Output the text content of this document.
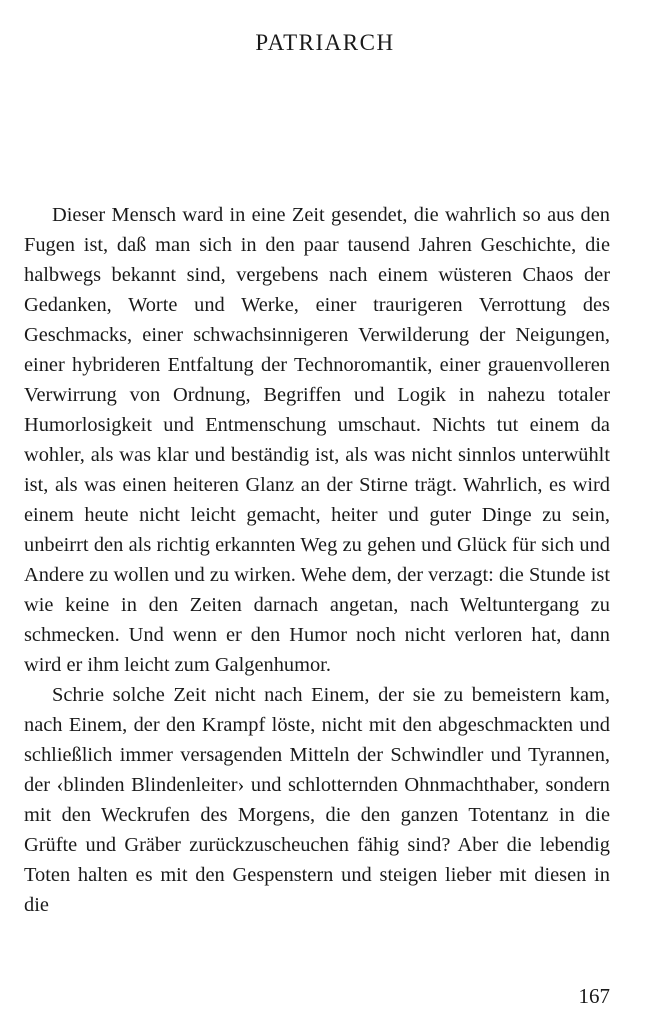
PATRIARCH

Dieser Mensch ward in eine Zeit gesendet, die wahrlich so aus den Fugen ist, daß man sich in den paar tausend Jahren Geschichte, die halbwegs bekannt sind, vergebens nach einem wüsteren Chaos der Gedanken, Worte und Werke, einer traurigeren Verrottung des Geschmacks, einer schwachsinnigeren Verwilderung der Neigungen, einer hybrideren Entfaltung der Technoromantik, einer grauenvolleren Verwirrung von Ordnung, Begriffen und Logik in nahezu totaler Humorlosigkeit und Entmenschung umschaut. Nichts tut einem da wohler, als was klar und beständig ist, als was nicht sinnlos unterwühlt ist, als was einen heiteren Glanz an der Stirne trägt. Wahrlich, es wird einem heute nicht leicht gemacht, heiter und guter Dinge zu sein, unbeirrt den als richtig erkannten Weg zu gehen und Glück für sich und Andere zu wollen und zu wirken. Wehe dem, der verzagt: die Stunde ist wie keine in den Zeiten darnach angetan, nach Weltuntergang zu schmecken. Und wenn er den Humor noch nicht verloren hat, dann wird er ihm leicht zum Galgenhumor.

Schrie solche Zeit nicht nach Einem, der sie zu bemeistern kam, nach Einem, der den Krampf löste, nicht mit den abgeschmackten und schließlich immer versagenden Mitteln der Schwindler und Tyrannen, der ‹blinden Blindenleiter› und schlotternden Ohnmachthaber, sondern mit den Weckrufen des Morgens, die den ganzen Totentanz in die Grüfte und Gräber zurückzuscheuchen fähig sind? Aber die lebendig Toten halten es mit den Gespenstern und steigen lieber mit diesen in die

167
